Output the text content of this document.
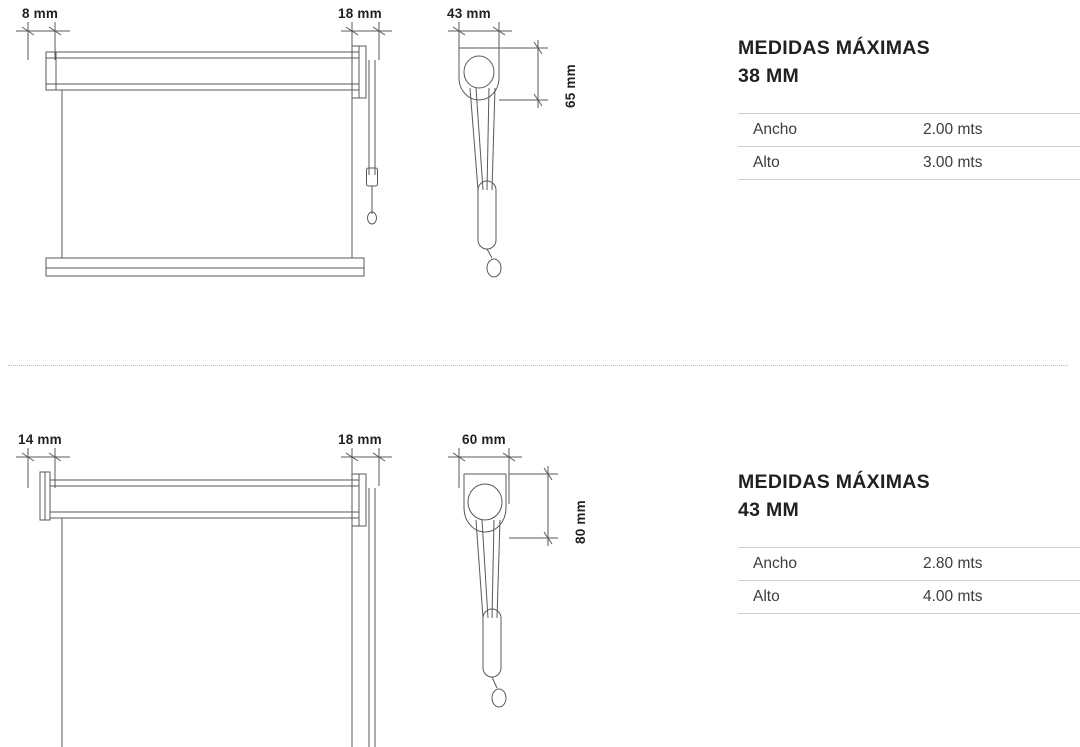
8 mm	18 mm	43 mm
65 mm
MEDIDAS MÁXIMAS
38 MM
Ancho	2.00 mts
Alto	3.00 mts
14 mm	18 mm	60 mm
80 mm
MEDIDAS MÁXIMAS
43 MM
Ancho	2.80 mts
Alto	4.00 mts
